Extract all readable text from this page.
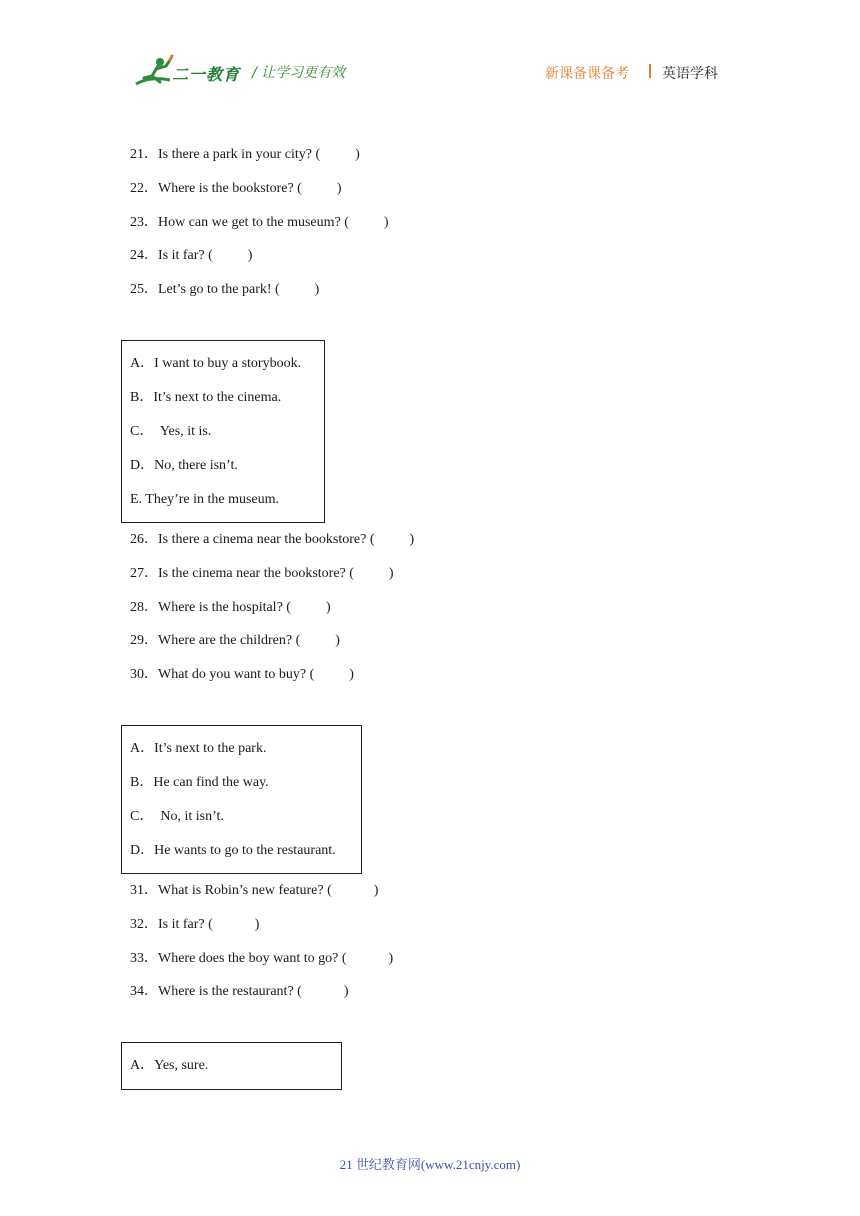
二一教育 / 让学习更有效	新课备课备考 英语学科
21．Is there a park in your city? (          )
22．Where is the bookstore? (          )
23．How can we get to the museum? (          )
24．Is it far? (          )
25．Let’s go to the park! (          )
A．I want to buy a storybook.
B．It’s next to the cinema.
C．  Yes, it is.
D．No, there isn’t.
E. They’re in the museum.
26．Is there a cinema near the bookstore? (          )
27．Is the cinema near the bookstore? (          )
28．Where is the hospital? (          )
29．Where are the children? (          )
30．What do you want to buy? (          )
A．It’s next to the park.
B．He can find the way.
C．  No, it isn’t.
D．He wants to go to the restaurant.
31．What is Robin’s new feature? (            )
32．Is it far? (            )
33．Where does the boy want to go? (            )
34．Where is the restaurant? (            )
A．Yes, sure.
21 世纪教育网(www.21cnjy.com)
